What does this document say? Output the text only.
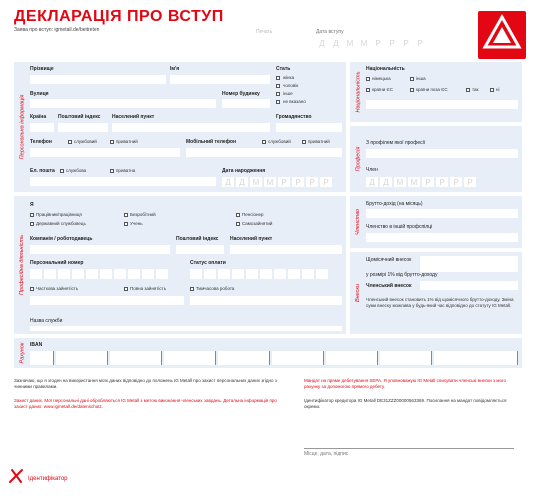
ДЕКЛАРАЦІЯ ПРО ВСТУП
Заява про вступ: igmetall.de/beitreten	Печать	Дата вступу
Д	Д М М	Р	Р	Р	Р
Персональна інформація
Прізвище	Ім'я	Стать
жінка
чоловік
інше
не вказано
Вулиця	Номер будинку
Країна Поштовий індекс Населений пункт	Громадянство
Телефон	службовий	приватний	Мобільний телефон	службовий	приватний
Ел. пошта службова	приватна	Дата народження
Д	Д М М	Р	Р	Р	Р
Національність
Національність
німецька	інша
країни ЄС	країни поза ЄС	так	ні
Професія
З профілем якої професії
Член
Д	Д М М	Р	Р	Р	Р
Професійна діяльність
Я
Працівник/працівниця	Безробітний	Пенсіонер
Державний службовець	Учень	Самозайнятий
Компанія / роботодавець	Поштовий індекс Населений пункт
Персональний номер	Статус оплати
Часткова зайнятість	Повна зайнятість	Тимчасова робота
Назва служби
Членство
Брутто-дохід (на місяць)
Членство в іншій профспілці
Внески
Щомісячний внесок
у розмірі 1% від брутто-доходу
Членський внесок
Членський внесок становить 1% від щомісячного брутто-доходу. Зміна суми внеску можлива у будь-який час відповідно до статуту IG Metall.
Рахунок IBAN
Зазначаю, що я згоден на використання моїх даних відповідно до положень IG Metall про захист персональних даних згідно з чинними правилами.
Захист даних. Мої персональні дані обробляються IG Metall з метою виконання членських завдань. Детальна інформація про захист даних: www.igmetall.de/datenschutz.
Мандат на пряме дебетування SEPA. Я уповноважую IG Metall списувати членські внески з мого рахунку за допомогою прямого дебету.
Ідентифікатор кредитора IG Metall DE31ZZZ00000563369. Посилання на мандат повідомляється окремо.
Місце, дата, підпис
Ідентифікатор
